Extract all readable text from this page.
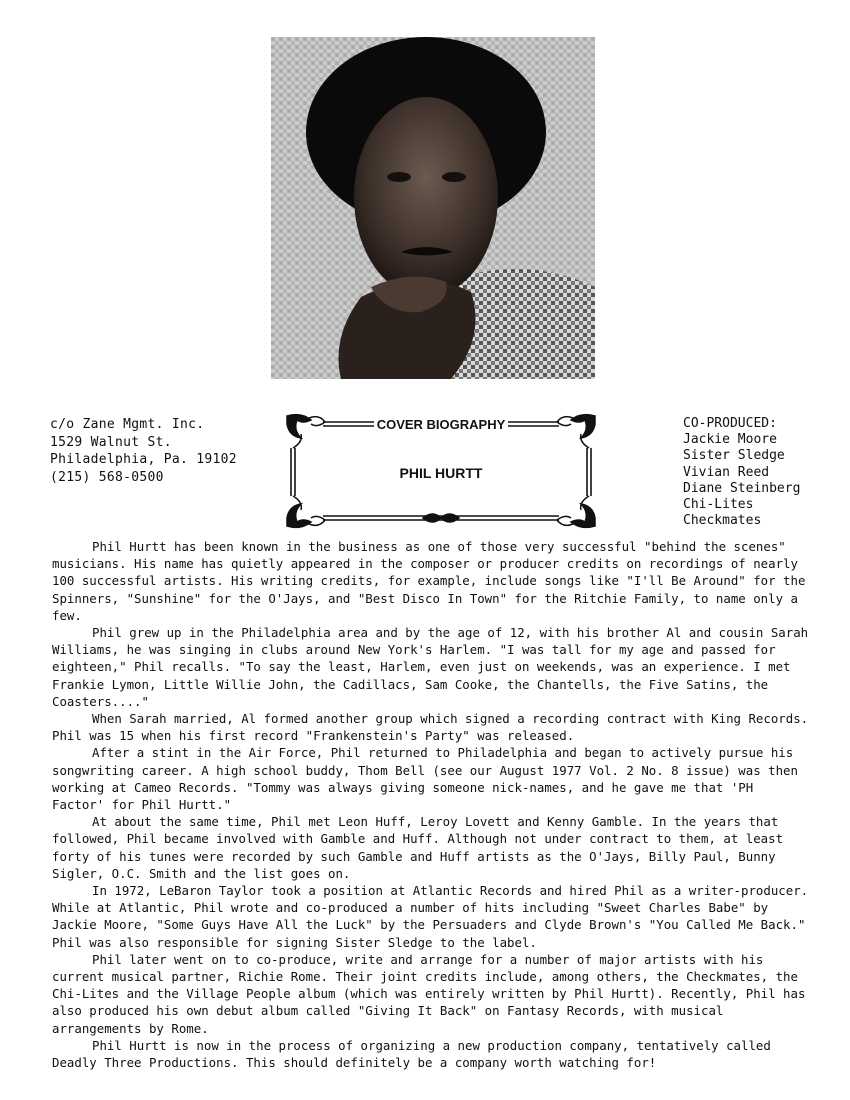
c/o Zane Mgmt. Inc.
1529 Walnut St.
Philadelphia, Pa. 19102
(215) 568-0500
COVER BIOGRAPHY
PHIL HURTT
CO-PRODUCED:
Jackie Moore
Sister Sledge
Vivian Reed
Diane Steinberg
Chi-Lites
Checkmates

Phil Hurtt has been known in the business as one of those very successful "behind the scenes" musicians. His name has quietly appeared in the composer or producer credits on recordings of nearly 100 successful artists. His writing credits, for example, include songs like "I'll Be Around" for the Spinners, "Sunshine" for the O'Jays, and "Best Disco In Town" for the Ritchie Family, to name only a few.

Phil grew up in the Philadelphia area and by the age of 12, with his brother Al and cousin Sarah Williams, he was singing in clubs around New York's Harlem. "I was tall for my age and passed for eighteen," Phil recalls. "To say the least, Harlem, even just on weekends, was an experience. I met Frankie Lymon, Little Willie John, the Cadillacs, Sam Cooke, the Chantells, the Five Satins, the Coasters...."

When Sarah married, Al formed another group which signed a recording contract with King Records. Phil was 15 when his first record "Frankenstein's Party" was released.

After a stint in the Air Force, Phil returned to Philadelphia and began to actively pursue his songwriting career. A high school buddy, Thom Bell (see our August 1977 Vol. 2 No. 8 issue) was then working at Cameo Records. "Tommy was always giving someone nick-names, and he gave me that 'PH Factor' for Phil Hurtt."

At about the same time, Phil met Leon Huff, Leroy Lovett and Kenny Gamble. In the years that followed, Phil became involved with Gamble and Huff. Although not under contract to them, at least forty of his tunes were recorded by such Gamble and Huff artists as the O'Jays, Billy Paul, Bunny Sigler, O.C. Smith and the list goes on.

In 1972, LeBaron Taylor took a position at Atlantic Records and hired Phil as a writer-producer. While at Atlantic, Phil wrote and co-produced a number of hits including "Sweet Charles Babe" by Jackie Moore, "Some Guys Have All the Luck" by the Persuaders and Clyde Brown's "You Called Me Back." Phil was also responsible for signing Sister Sledge to the label.

Phil later went on to co-produce, write and arrange for a number of major artists with his current musical partner, Richie Rome. Their joint credits include, among others, the Checkmates, the Chi-Lites and the Village People album (which was entirely written by Phil Hurtt). Recently, Phil has also produced his own debut album called "Giving It Back" on Fantasy Records, with musical arrangements by Rome.

Phil Hurtt is now in the process of organizing a new production company, tentatively called Deadly Three Productions. This should definitely be a company worth watching for!
